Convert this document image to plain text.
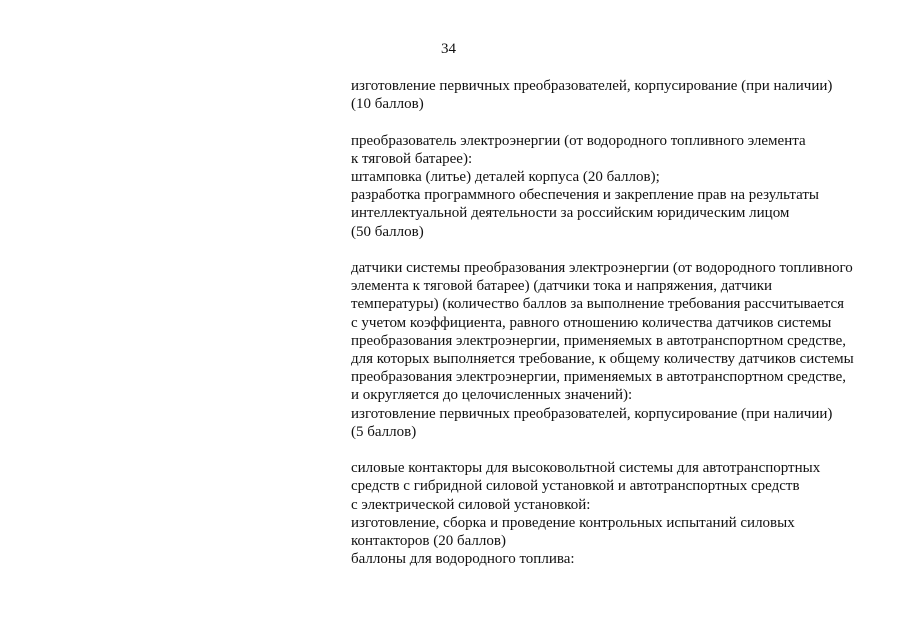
34

изготовление первичных преобразователей, корпусирование (при наличии)
(10 баллов)

преобразователь электроэнергии (от водородного топливного элемента
к тяговой батарее):
штамповка (литье) деталей корпуса (20 баллов);
разработка программного обеспечения и закрепление прав на результаты
интеллектуальной деятельности за российским юридическим лицом
(50 баллов)

датчики системы преобразования электроэнергии (от водородного топливного
элемента к тяговой батарее) (датчики тока и напряжения, датчики
температуры) (количество баллов за выполнение требования рассчитывается
с учетом коэффициента, равного отношению количества датчиков системы
преобразования электроэнергии, применяемых в автотранспортном средстве,
для которых выполняется требование, к общему количеству датчиков системы
преобразования электроэнергии, применяемых в автотранспортном средстве,
и округляется до целочисленных значений):
изготовление первичных преобразователей, корпусирование (при наличии)
(5 баллов)

силовые контакторы для высоковольтной системы для автотранспортных
средств с гибридной силовой установкой и автотранспортных средств
с электрической силовой установкой:
изготовление, сборка и проведение контрольных испытаний силовых
контакторов (20 баллов)
баллоны для водородного топлива:
